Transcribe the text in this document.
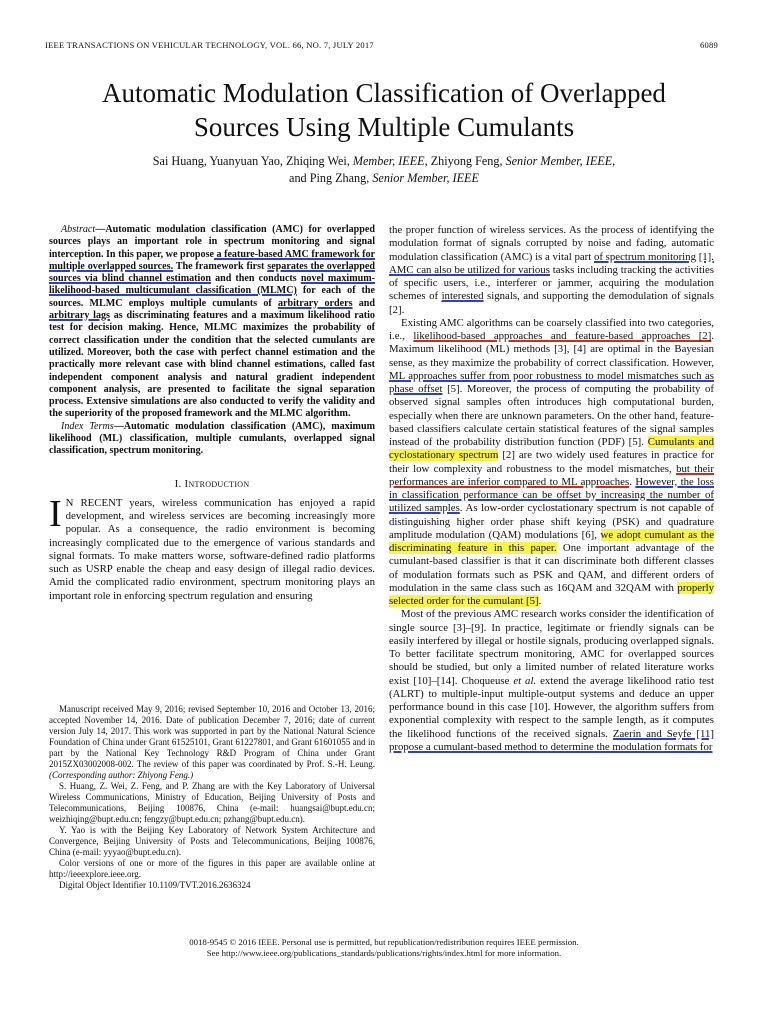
IEEE TRANSACTIONS ON VEHICULAR TECHNOLOGY, VOL. 66, NO. 7, JULY 2017	6089
Automatic Modulation Classification of Overlapped
Sources Using Multiple Cumulants
Sai Huang, Yuanyuan Yao, Zhiqing Wei, Member, IEEE, Zhiyong Feng, Senior Member, IEEE,
and Ping Zhang, Senior Member, IEEE

Abstract—Automatic modulation classification (AMC) for overlapped sources plays an important role in spectrum monitoring and signal interception. In this paper, we propose a feature-based AMC framework for multiple overlapped sources. The framework first separates the overlapped sources via blind channel estimation and then conducts novel maximum-likelihood-based multicumulant classification (MLMC) for each of the sources. MLMC employs multiple cumulants of arbitrary orders and arbitrary lags as discriminating features and a maximum likelihood ratio test for decision making. Hence, MLMC maximizes the probability of correct classification under the condition that the selected cumulants are utilized. Moreover, both the case with perfect channel estimation and the practically more relevant case with blind channel estimations, called fast independent component analysis and natural gradient independent component analysis, are presented to facilitate the signal separation process. Extensive simulations are also conducted to verify the validity and the superiority of the proposed framework and the MLMC algorithm.

Index Terms—Automatic modulation classification (AMC), maximum likelihood (ML) classification, multiple cumulants, overlapped signal classification, spectrum monitoring.

I. Introduction

I N RECENT years, wireless communication has enjoyed a rapid development, and wireless services are becoming increasingly more popular. As a consequence, the radio environment is becoming increasingly complicated due to the emergence of various standards and signal formats. To make matters worse, software-defined radio platforms such as USRP enable the cheap and easy design of illegal radio devices. Amid the complicated radio environment, spectrum monitoring plays an important role in enforcing spectrum regulation and ensuring

Manuscript received May 9, 2016; revised September 10, 2016 and October 13, 2016; accepted November 14, 2016. Date of publication December 7, 2016; date of current version July 14, 2017. This work was supported in part by the National Natural Science Foundation of China under Grant 61525101, Grant 61227801, and Grant 61601055 and in part by the National Key Technology R&D Program of China under Grant 2015ZX03002008-002. The review of this paper was coordinated by Prof. S.-H. Leung. (Corresponding author: Zhiyong Feng.)

S. Huang, Z. Wei, Z. Feng, and P. Zhang are with the Key Laboratory of Universal Wireless Communications, Ministry of Education, Beijing University of Posts and Telecommunications, Beijing 100876, China (e-mail: huangsai@bupt.edu.cn; weizhiqing@bupt.edu.cn; fengzy@bupt.edu.cn; pzhang@bupt.edu.cn).

Y. Yao is with the Beijing Key Laboratory of Network System Architecture and Convergence, Beijing University of Posts and Telecommunications, Beijing 100876, China (e-mail: yyyao@bupt.edu.cn).

Color versions of one or more of the figures in this paper are available online at http://ieeexplore.ieee.org.

Digital Object Identifier 10.1109/TVT.2016.2636324

the proper function of wireless services. As the process of identifying the modulation format of signals corrupted by noise and fading, automatic modulation classification (AMC) is a vital part of spectrum monitoring [1]. AMC can also be utilized for various tasks including tracking the activities of specific users, i.e., interferer or jammer, acquiring the modulation schemes of interested signals, and supporting the demodulation of signals [2].

Existing AMC algorithms can be coarsely classified into two categories, i.e., likelihood-based approaches and feature-based approaches [2]. Maximum likelihood (ML) methods [3], [4] are optimal in the Bayesian sense, as they maximize the probability of correct classification. However, ML approaches suffer from poor robustness to model mismatches such as phase offset [5]. Moreover, the process of computing the probability of observed signal samples often introduces high computational burden, especially when there are unknown parameters. On the other hand, feature-based classifiers calculate certain statistical features of the signal samples instead of the probability distribution function (PDF) [5]. Cumulants and cyclostationary spectrum [2] are two widely used features in practice for their low complexity and robustness to the model mismatches, but their performances are inferior compared to ML approaches. However, the loss in classification performance can be offset by increasing the number of utilized samples. As low-order cyclostationary spectrum is not capable of distinguishing higher order phase shift keying (PSK) and quadrature amplitude modulation (QAM) modulations [6], we adopt cumulant as the discriminating feature in this paper. One important advantage of the cumulant-based classifier is that it can discriminate both different classes of modulation formats such as PSK and QAM, and different orders of modulation in the same class such as 16QAM and 32QAM with properly selected order for the cumulant [5].

Most of the previous AMC research works consider the identification of single source [3]–[9]. In practice, legitimate or friendly signals can be easily interfered by illegal or hostile signals, producing overlapped signals. To better facilitate spectrum monitoring, AMC for overlapped sources should be studied, but only a limited number of related literature works exist [10]–[14]. Choqueuse et al. extend the average likelihood ratio test (ALRT) to multiple-input multiple-output systems and deduce an upper performance bound in this case [10]. However, the algorithm suffers from exponential complexity with respect to the sample length, as it computes the likelihood functions of the received signals. Zaerin and Seyfe [11] propose a cumulant-based method to determine the modulation formats for

0018-9545 © 2016 IEEE. Personal use is permitted, but republication/redistribution requires IEEE permission.
See http://www.ieee.org/publications_standards/publications/rights/index.html for more information.
